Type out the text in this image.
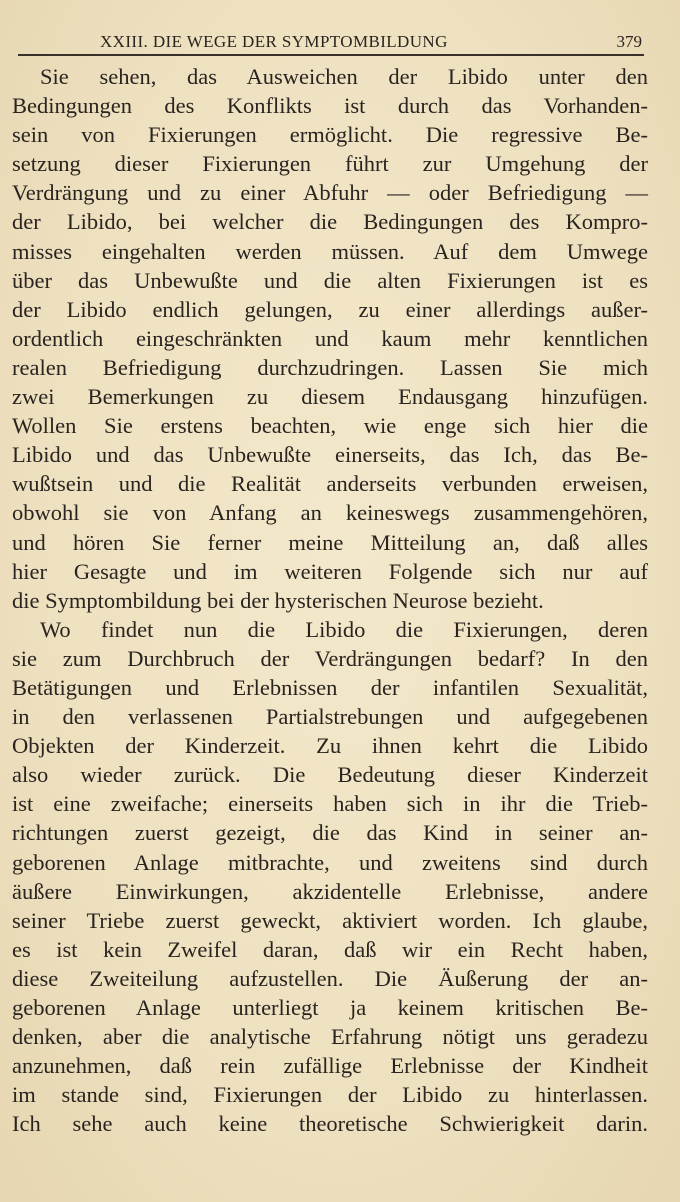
XXIII. DIE WEGE DER SYMPTOMBILDUNG	379
Sie sehen, das Ausweichen der Libido unter den
Bedingungen des Konflikts ist durch das Vorhanden-
sein von Fixierungen ermöglicht. Die regressive Be-
setzung dieser Fixierungen führt zur Umgehung der
Verdrängung und zu einer Abfuhr — oder Befriedigung —
der Libido, bei welcher die Bedingungen des Kompro-
misses eingehalten werden müssen. Auf dem Umwege
über das Unbewußte und die alten Fixierungen ist es
der Libido endlich gelungen, zu einer allerdings außer-
ordentlich eingeschränkten und kaum mehr kenntlichen
realen Befriedigung durchzudringen. Lassen Sie mich
zwei Bemerkungen zu diesem Endausgang hinzufügen.
Wollen Sie erstens beachten, wie enge sich hier die
Libido und das Unbewußte einerseits, das Ich, das Be-
wußtsein und die Realität anderseits verbunden erweisen,
obwohl sie von Anfang an keineswegs zusammengehören,
und hören Sie ferner meine Mitteilung an, daß alles
hier Gesagte und im weiteren Folgende sich nur auf
die Symptombildung bei der hysterischen Neurose bezieht.
Wo findet nun die Libido die Fixierungen, deren
sie zum Durchbruch der Verdrängungen bedarf? In den
Betätigungen und Erlebnissen der infantilen Sexualität,
in den verlassenen Partialstrebungen und aufgegebenen
Objekten der Kinderzeit. Zu ihnen kehrt die Libido
also wieder zurück. Die Bedeutung dieser Kinderzeit
ist eine zweifache; einerseits haben sich in ihr die Trieb-
richtungen zuerst gezeigt, die das Kind in seiner an-
geborenen Anlage mitbrachte, und zweitens sind durch
äußere Einwirkungen, akzidentelle Erlebnisse, andere
seiner Triebe zuerst geweckt, aktiviert worden. Ich glaube,
es ist kein Zweifel daran, daß wir ein Recht haben,
diese Zweiteilung aufzustellen. Die Äußerung der an-
geborenen Anlage unterliegt ja keinem kritischen Be-
denken, aber die analytische Erfahrung nötigt uns geradezu
anzunehmen, daß rein zufällige Erlebnisse der Kindheit
im stande sind, Fixierungen der Libido zu hinterlassen.
Ich sehe auch keine theoretische Schwierigkeit darin.
